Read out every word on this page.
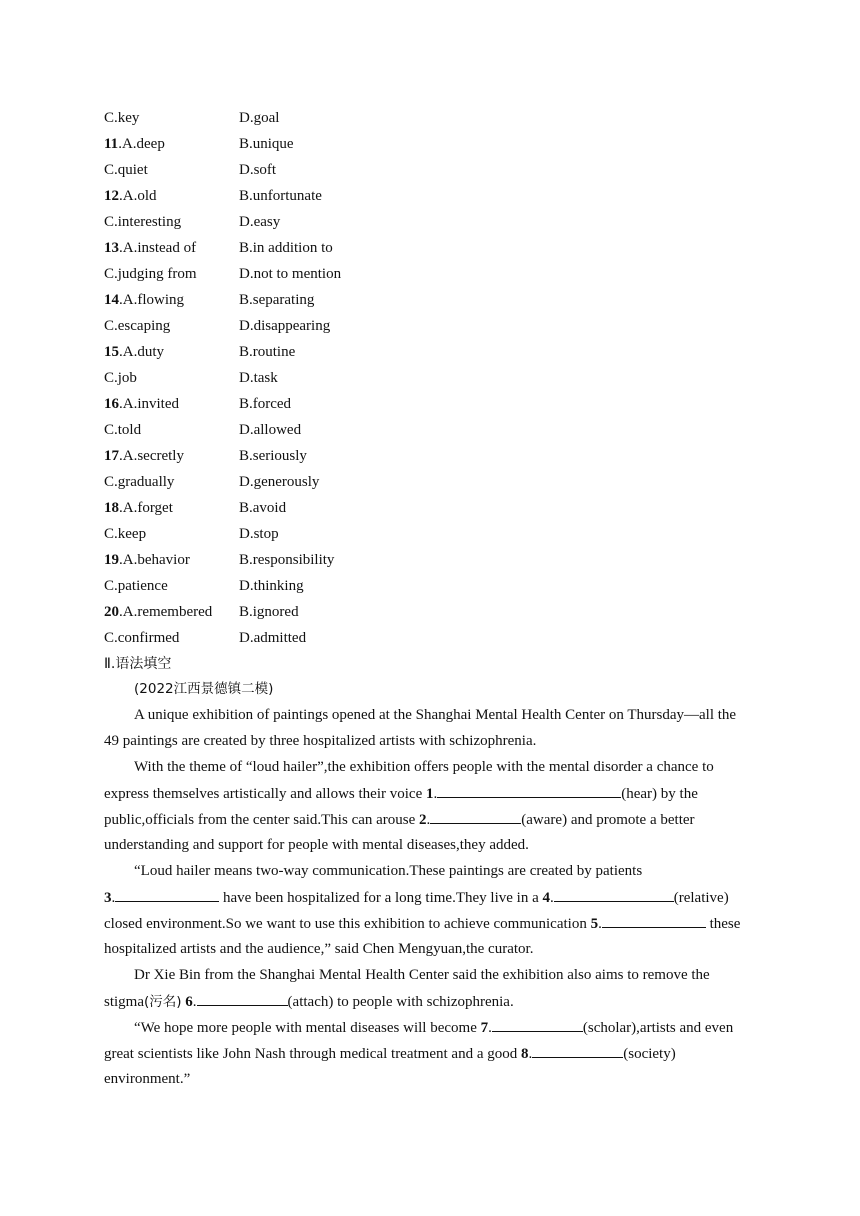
C.key	D.goal
11.A.deep	B.unique
C.quiet	D.soft
12.A.old	B.unfortunate
C.interesting	D.easy
13.A.instead of	B.in addition to
C.judging from	D.not to mention
14.A.flowing	B.separating
C.escaping	D.disappearing
15.A.duty	B.routine
C.job	D.task
16.A.invited	B.forced
C.told	D.allowed
17.A.secretly	B.seriously
C.gradually	D.generously
18.A.forget	B.avoid
C.keep	D.stop
19.A.behavior	B.responsibility
C.patience	D.thinking
20.A.remembered B.ignored
C.confirmed	D.admitted
Ⅱ.语法填空
(2022江西景德镇二模)
A unique exhibition of paintings opened at the Shanghai Mental Health Center on Thursday—all the
49 paintings are created by three hospitalized artists with schizophrenia.
With the theme of “loud hailer”,the exhibition offers people with the mental disorder a chance to
express themselves artistically and allows their voice 1.	(hear) by the
public,officials from the center said.This can arouse 2.	(aware) and promote a better
understanding and support for people with mental diseases,they added.
“Loud hailer means two-way communication.These paintings are created by patients
3.	have been hospitalized for a long time.They live in a 4.	(relative)
closed environment.So we want to use this exhibition to achieve communication 5.	these
hospitalized artists and the audience,” said Chen Mengyuan,the curator.
Dr Xie Bin from the Shanghai Mental Health Center said the exhibition also aims to remove the
stigma(污名) 6.	(attach) to people with schizophrenia.
“We hope more people with mental diseases will become 7.	(scholar),artists and even
great scientists like John Nash through medical treatment and a good 8.	(society)
environment.”
